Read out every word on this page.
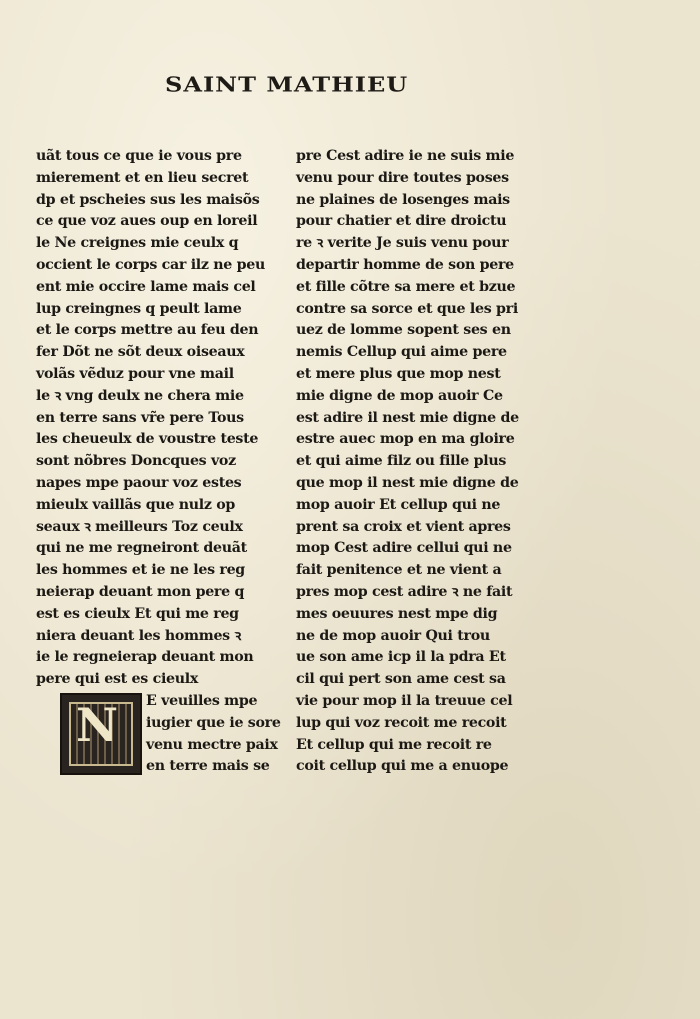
SAINT MATHIEU
uãt tous ce que ie vous pre
mierement et en lieu secret
dp et pscheies sus les maisõs
ce que voz aues oup en loreil
le Ne creignes mie ceulx q
occient le corps car ilz ne peu
ent mie occire lame mais cel
lup creingnes q peult lame
et le corps mettre au feu den
fer Dõt ne sõt deux oiseaux
volãs vẽduz pour vne mail
le ꝛ vng deulx ne chera mie
en terre sans vr̃e pere Tous
les cheueulx de voustre teste
sont nõbres Doncques voz
napes mpe paour voz estes
mieulx vaillãs que nulz op
seaux ꝛ meilleurs Toz ceulx
qui ne me regneiront deuãt
les hommes et ie ne les reg
neierap deuant mon pere q
est es cieulx Et qui me reg
niera deuant les hommes ꝛ
ie le regneierap deuant mon
pere qui est es cieulx
N E veuilles mpe
iugier que ie sore
venu mectre paix
en terre mais se
pre Cest adire ie ne suis mie
venu pour dire toutes poses
ne plaines de losenges mais
pour chatier et dire droictu
re ꝛ verite Je suis venu pour
departir homme de son pere
et fille cõtre sa mere et bzue
contre sa sorce et que les pri
uez de lomme sopent ses en
nemis Cellup qui aime pere
et mere plus que mop nest
mie digne de mop auoir Ce
est adire il nest mie digne de
estre auec mop en ma gloire
et qui aime filz ou fille plus
que mop il nest mie digne de
mop auoir Et cellup qui ne
prent sa croix et vient apres
mop Cest adire cellui qui ne
fait penitence et ne vient a
pres mop cest adire ꝛ ne fait
mes oeuures nest mpe dig
ne de mop auoir Qui trou
ue son ame icp il la pdra Et
cil qui pert son ame cest sa
vie pour mop il la treuue cel
lup qui voz recoit me recoit
Et cellup qui me recoit re
coit cellup qui me a enuope
